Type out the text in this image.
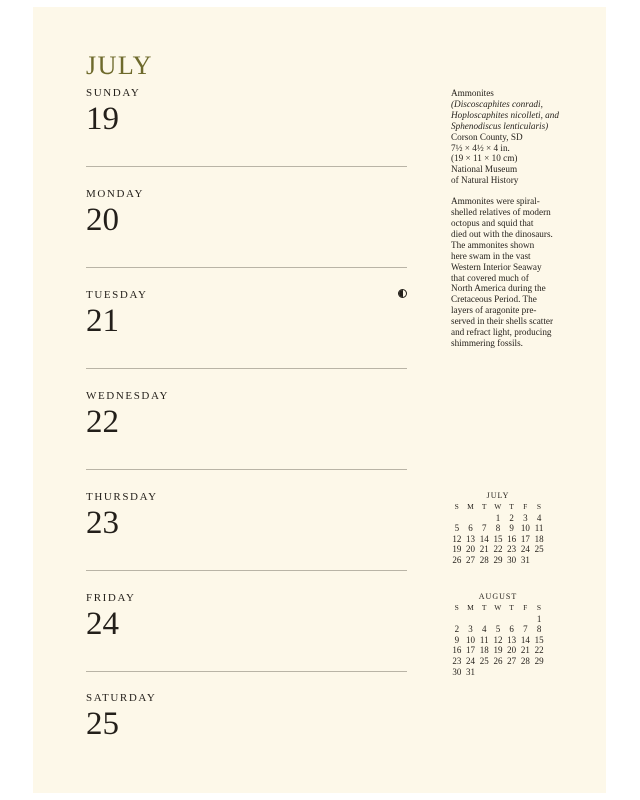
JULY
SUNDAY
19
MONDAY
20
TUESDAY
21
WEDNESDAY
22
THURSDAY
23
FRIDAY
24
SATURDAY
25
Ammonites
(Discoscaphites conradi,
Hoploscaphites nicolleti, and
Sphenodiscus lenticularis)
Corson County, SD
7½ × 4½ × 4 in.
(19 × 11 × 10 cm)
National Museum
of Natural History
Ammonites were spiral-
shelled relatives of modern
octopus and squid that
died out with the dinosaurs.
The ammonites shown
here swam in the vast
Western Interior Seaway
that covered much of
North America during the
Cretaceous Period. The
layers of aragonite pre-
served in their shells scatter
and refract light, producing
shimmering fossils.
JULY
S	M	T	W	T	F	S
			1	2	3	4
5	6	7	8	9	10	11
12	13	14	15	16	17	18
19	20	21	22	23	24	25
26	27	28	29	30	31	
AUGUST
S	M	T	W	T	F	S
						1
2	3	4	5	6	7	8
9	10	11	12	13	14	15
16	17	18	19	20	21	22
23	24	25	26	27	28	29
30	31					
